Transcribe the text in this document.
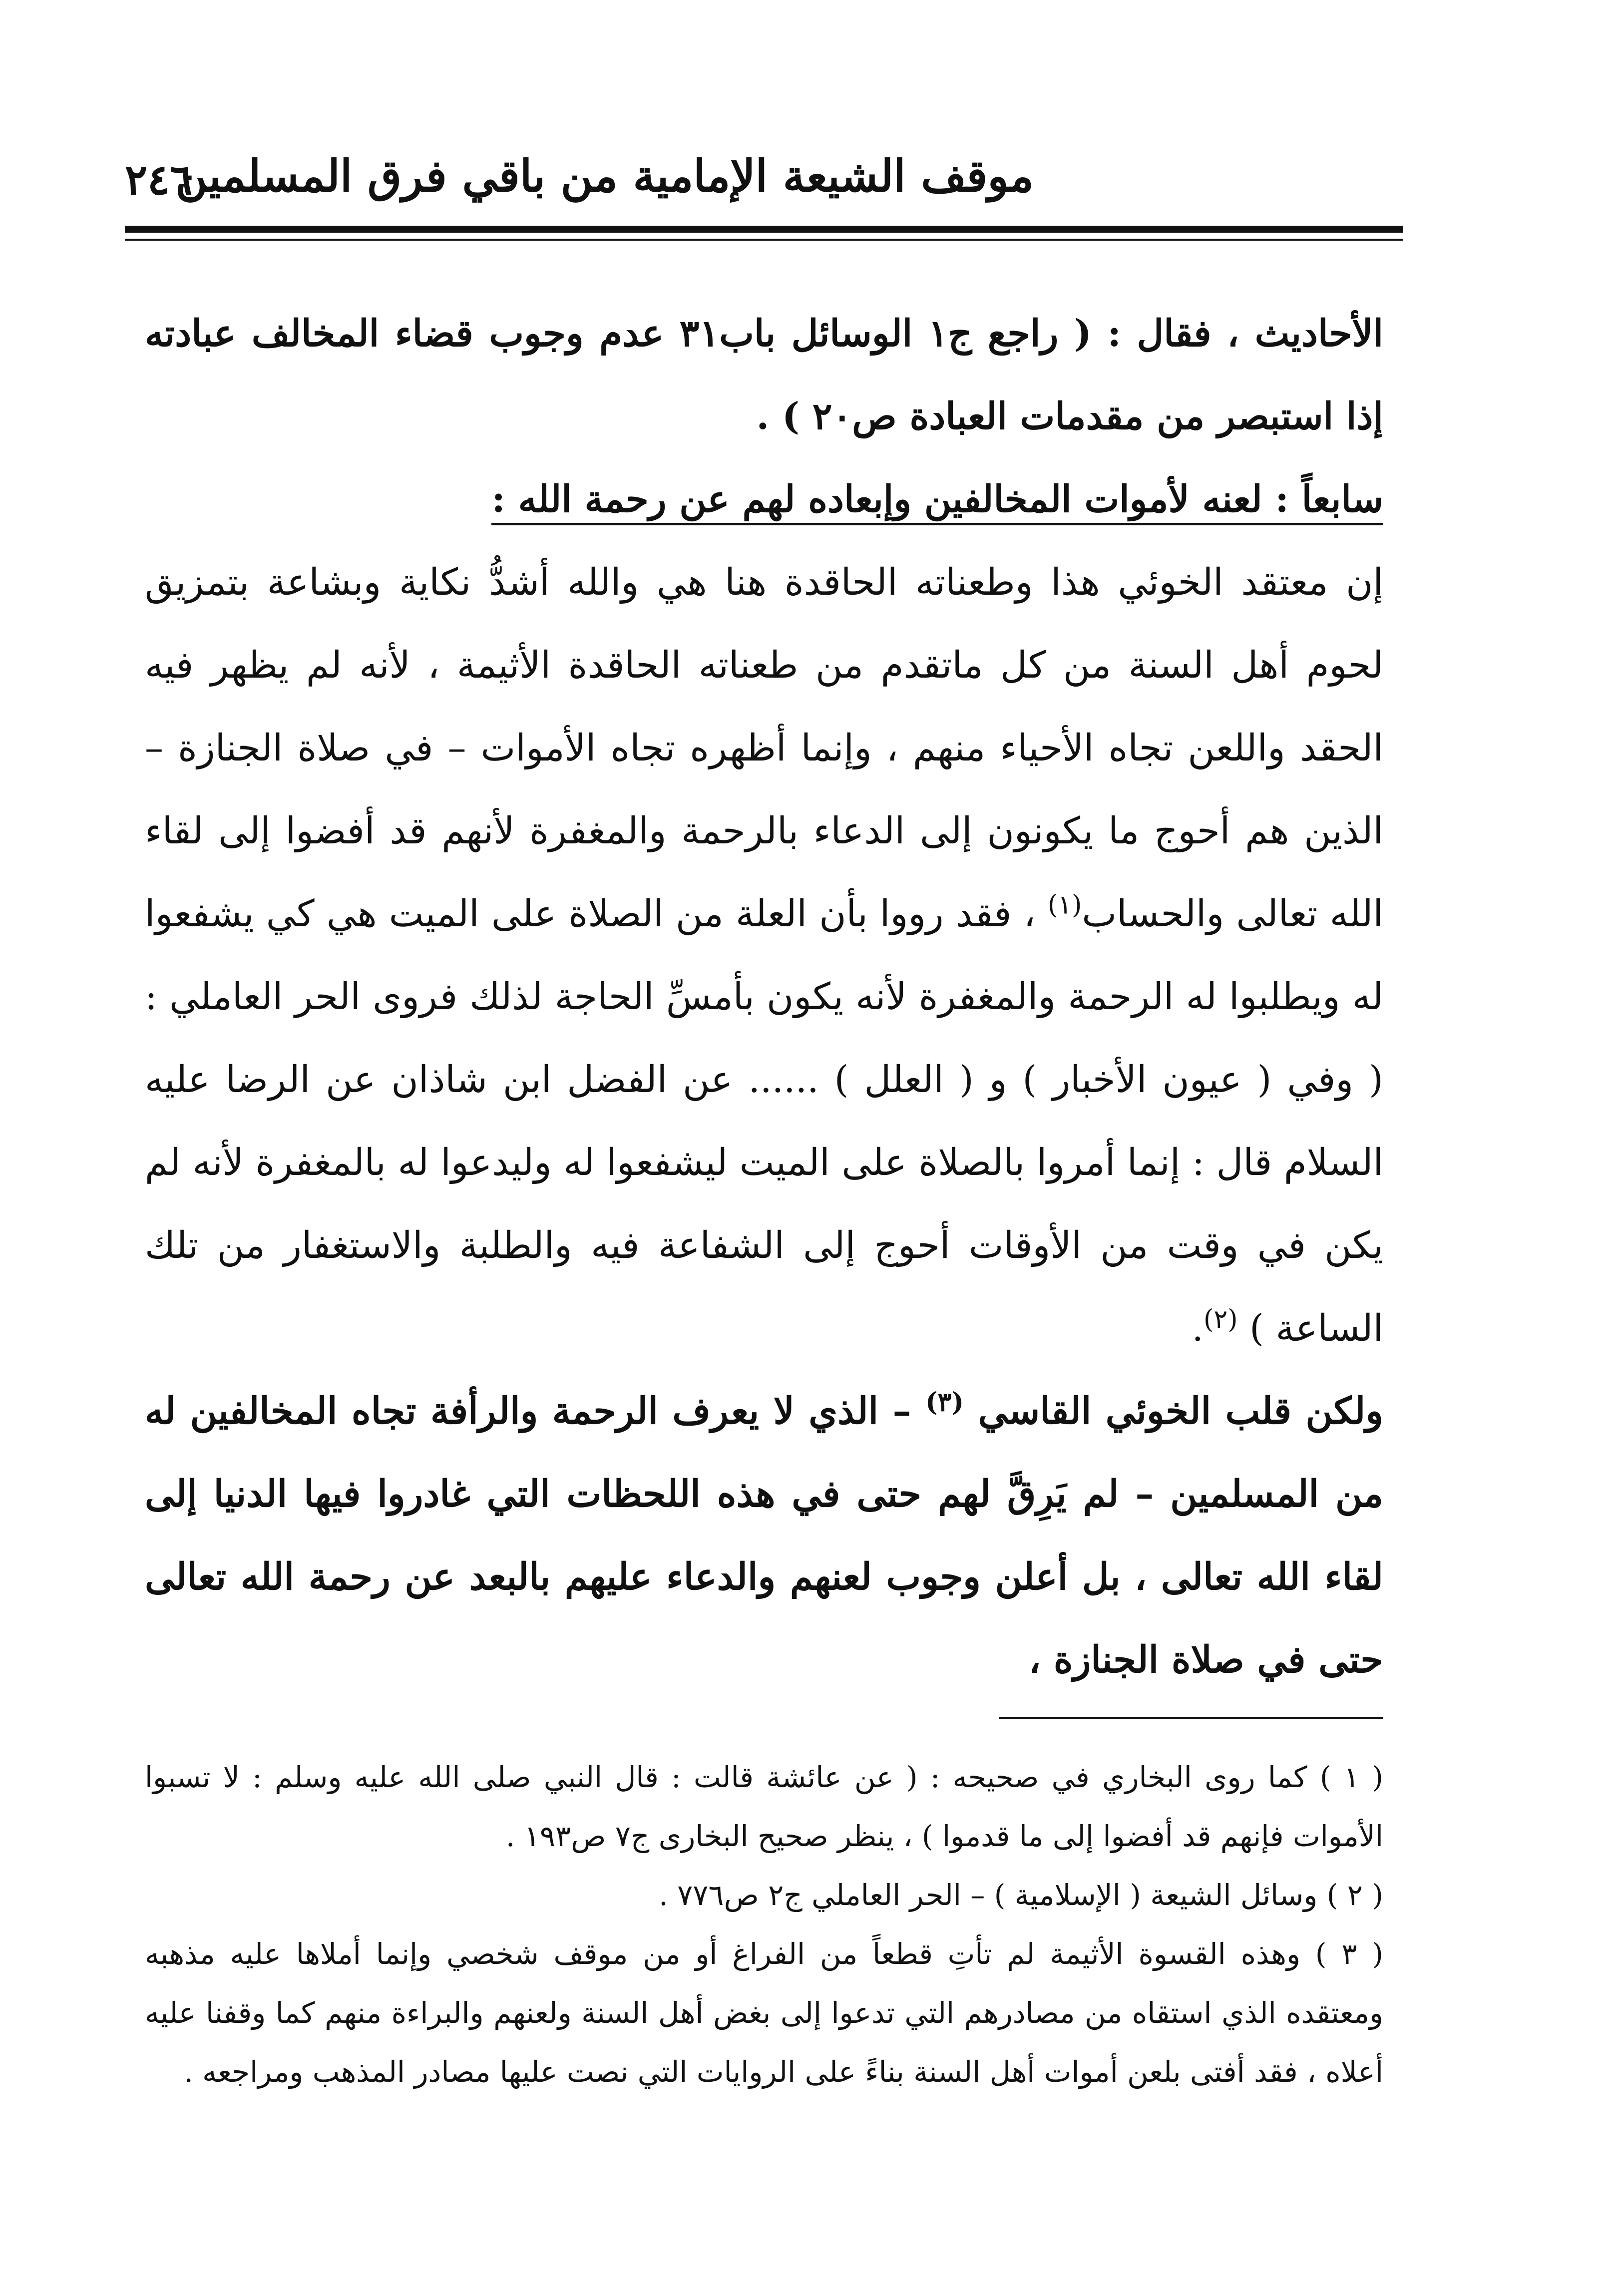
موقف الشيعة الإمامية من باقي فرق المسلمين
٢٤٦

الأحاديث ، فقال : ( راجع ج١ الوسائل باب٣١ عدم وجوب قضاء المخالف عبادته إذا استبصر من مقدمات العبادة ص٢٠ ) .

سابعاً : لعنه لأموات المخالفين وإبعاده لهم عن رحمة الله :

إن معتقد الخوئي هذا وطعناته الحاقدة هنا هي والله أشدُّ نكاية وبشاعة بتمزيق لحوم أهل السنة من كل ماتقدم من طعناته الحاقدة الأثيمة ، لأنه لم يظهر فيه الحقد واللعن تجاه الأحياء منهم ، وإنما أظهره تجاه الأموات – في صلاة الجنازة – الذين هم أحوج ما يكونون إلى الدعاء بالرحمة والمغفرة لأنهم قد أفضوا إلى لقاء الله تعالى والحساب$^{(١)}$ ، فقد رووا بأن العلة من الصلاة على الميت هي كي يشفعوا له ويطلبوا له الرحمة والمغفرة لأنه يكون بأمسِّ الحاجة لذلك فروى الحر العاملي : ( وفي ( عيون الأخبار ) و ( العلل ) ...... عن الفضل ابن شاذان عن الرضا عليه السلام قال : إنما أمروا بالصلاة على الميت ليشفعوا له وليدعوا له بالمغفرة لأنه لم يكن في وقت من الأوقات أحوج إلى الشفاعة فيه والطلبة والاستغفار من تلك الساعة ) $^{(٢)}$.

ولكن قلب الخوئي القاسي $^{(٣)}$ – الذي لا يعرف الرحمة والرأفة تجاه المخالفين له من المسلمين – لم يَرِقَّ لهم حتى في هذه اللحظات التي غادروا فيها الدنيا إلى لقاء الله تعالى ، بل أعلن وجوب لعنهم والدعاء عليهم بالبعد عن رحمة الله تعالى حتى في صلاة الجنازة ،

( ١ ) كما روى البخاري في صحيحه : ( عن عائشة قالت : قال النبي صلى الله عليه وسلم : لا تسبوا الأموات فإنهم قد أفضوا إلى ما قدموا ) ، ينظر صحيح البخارى ج٧ ص١٩٣ .

( ٢ ) وسائل الشيعة ( الإسلامية ) – الحر العاملي ج٢ ص٧٧٦ .

( ٣ ) وهذه القسوة الأثيمة لم تأتِ قطعاً من الفراغ أو من موقف شخصي وإنما أملاها عليه مذهبه ومعتقده الذي استقاه من مصادرهم التي تدعوا إلى بغض أهل السنة ولعنهم والبراءة منهم كما وقفنا عليه أعلاه ، فقد أفتى بلعن أموات أهل السنة بناءً على الروايات التي نصت عليها مصادر المذهب ومراجعه .
